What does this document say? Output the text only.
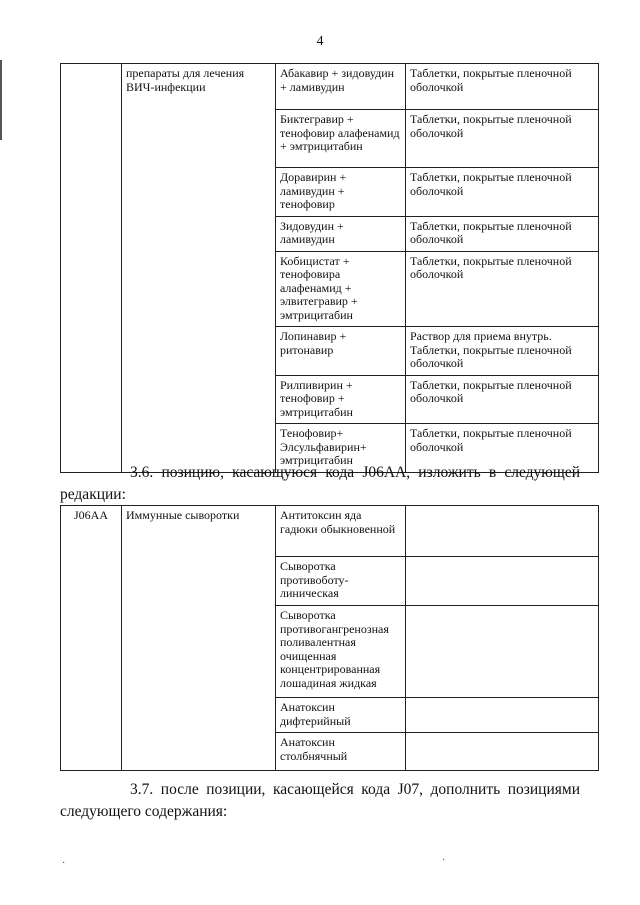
4
	препараты для лечения ВИЧ-инфекции	Абакавир + зидовудин + ламивудин	Таблетки, покрытые пленочной оболочкой
		Биктегравир + тенофовир алафенамид + эмтрицитабин	Таблетки, покрытые пленочной оболочкой
		Доравирин + ламивудин + тенофовир	Таблетки, покрытые пленочной оболочкой
		Зидовудин + ламивудин	Таблетки, покрытые пленочной оболочкой
		Кобицистат + тенофовира алафенамид + элвитегравир + эмтрицитабин	Таблетки, покрытые пленочной оболочкой
		Лопинавир + ритонавир	Раствор для приема внутрь.
Таблетки, покрытые пленочной оболочкой

		Рилпивирин + тенофовир + эмтрицитабин	Таблетки, покрытые пленочной оболочкой
		Тенофовир+ Элсульфавирин+ эмтрицитабин	Таблетки, покрытые пленочной оболочкой
3.6. позицию, касающуюся кода J06AA, изложить в следующей редакции:
J06AA	Иммунные сыворотки	Антитоксин яда гадюки обыкновенной	
		Сыворотка противоботу-линическая	
		Сыворотка противогангренозная поливалентная очищенная концентрированная лошадиная жидкая	
		Анатоксин дифтерийный	
		Анатоксин столбнячный	
3.7. после позиции, касающейся кода J07, дополнить позициями следующего содержания:
·	·
